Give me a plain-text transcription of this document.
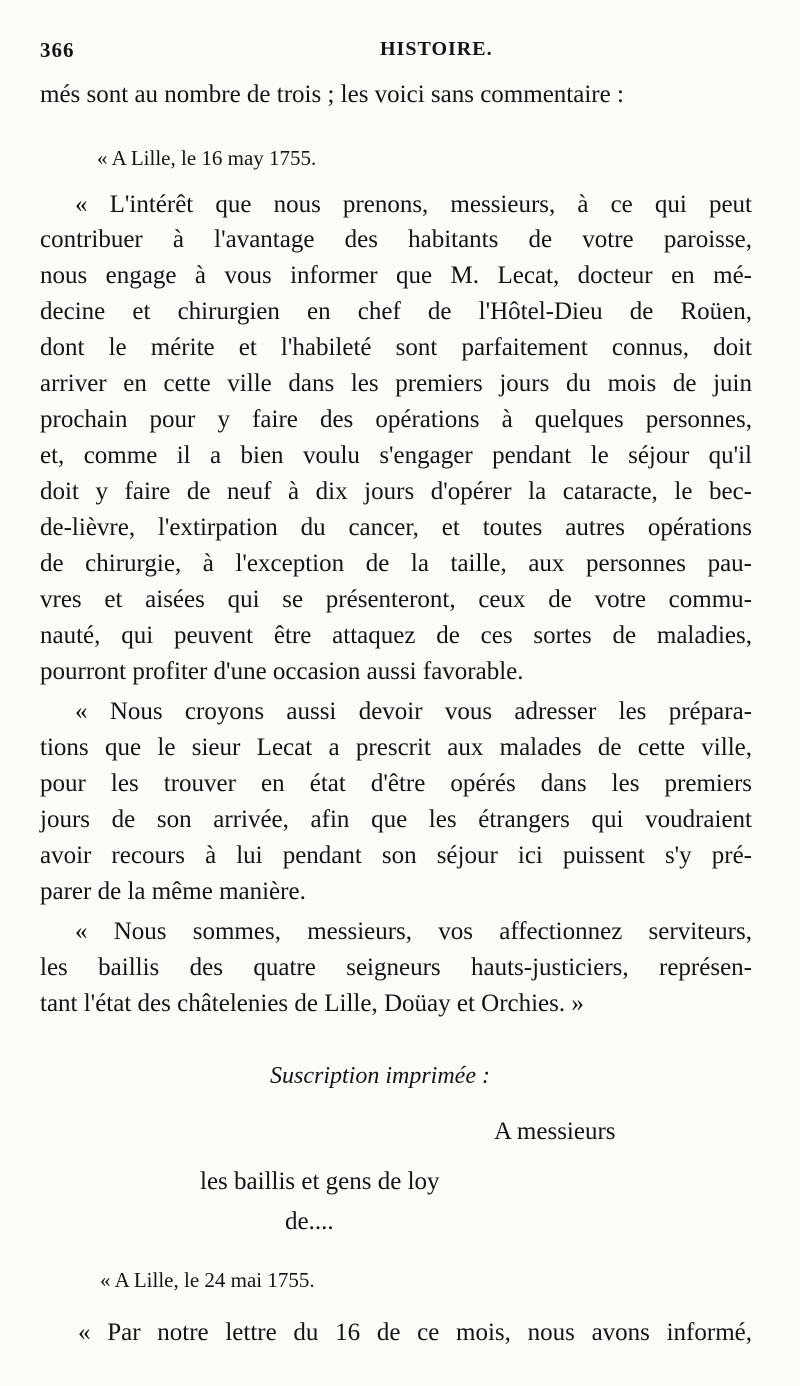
366	HISTOIRE.
més sont au nombre de trois ; les voici sans commentaire :
« A Lille, le 16 may 1755.
« L'intérêt que nous prenons, messieurs, à ce qui peut
contribuer à l'avantage des habitants de votre paroisse,
nous engage à vous informer que M. Lecat, docteur en mé-
decine et chirurgien en chef de l'Hôtel-Dieu de Roüen,
dont le mérite et l'habileté sont parfaitement connus, doit
arriver en cette ville dans les premiers jours du mois de juin
prochain pour y faire des opérations à quelques personnes,
et, comme il a bien voulu s'engager pendant le séjour qu'il
doit y faire de neuf à dix jours d'opérer la cataracte, le bec-
de-lièvre, l'extirpation du cancer, et toutes autres opérations
de chirurgie, à l'exception de la taille, aux personnes pau-
vres et aisées qui se présenteront, ceux de votre commu-
nauté, qui peuvent être attaquez de ces sortes de maladies,
pourront profiter d'une occasion aussi favorable.
« Nous croyons aussi devoir vous adresser les prépara-
tions que le sieur Lecat a prescrit aux malades de cette ville,
pour les trouver en état d'être opérés dans les premiers
jours de son arrivée, afin que les étrangers qui voudraient
avoir recours à lui pendant son séjour ici puissent s'y pré-
parer de la même manière.
« Nous sommes, messieurs, vos affectionnez serviteurs,
les baillis des quatre seigneurs hauts-justiciers, représen-
tant l'état des châtelenies de Lille, Doüay et Orchies. »
Suscription imprimée :
A messieurs
les baillis et gens de loy
de....
« A Lille, le 24 mai 1755.
« Par notre lettre du 16 de ce mois, nous avons informé,
